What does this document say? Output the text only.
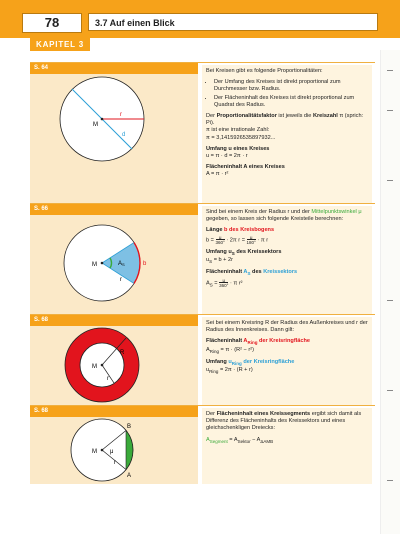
78	3.7 Auf einen Blick
KAPITEL 3
S. 64
M
r
d

Bei Kreisen gibt es folgende Proportionalitäten:

• Der Umfang des Kreises ist direkt proportional zum Durchmesser bzw. Radius.
• Der Flächeninhalt des Kreises ist direkt proportional zum Quadrat des Radius.

Der Proportionalitätsfaktor ist jeweils die Kreiszahl π (sprich: Pi).
π ist eine irrationale Zahl:
π = 3,1415926535897932...

Umfang u eines Kreises
u = π · d = 2π · r

Flächeninhalt A eines Kreises
A = π · r²

S. 66
M	A S
r
b

Sind bei einem Kreis der Radius r und der Mittelpunktswinkel μ gegeben, so lassen sich folgende Kreisteile berechnen:

Länge b des Kreisbogens
$b = \frac{\mu}{360^\circ} \cdot 2\pi$ $r = \frac{\mu}{180^\circ} \cdot \pi$ r

Umfang $u_S$ des Kreissektors
$u_S = b + 2r$

Flächeninhalt $A_S$ des Kreissektors
$A_S = \frac{\mu}{360^\circ} \cdot \pi$ r²

S. 68
M
R
r

Sei bei einem Kreisring R der Radius des Außenkreises und r der Radius des Innenkreises. Dann gilt:

Flächeninhalt $A_{Ring}$ der Kreisringfläche
$A_{Ring} = \pi \cdot (R^2 - r^2)$

Umfang $u_{Ring}$ der Kreisringfläche
$u_{Ring} = 2\pi \cdot (R + r)$

S. 68
M μ
r
B
A

Der Flächeninhalt eines Kreissegments ergibt sich damit als Differenz des Flächeninhalts des Kreissektors und eines gleichschenkligen Dreiecks:

$A_{Segment} = A_{Sektor} - A_{\Delta AMB}$
